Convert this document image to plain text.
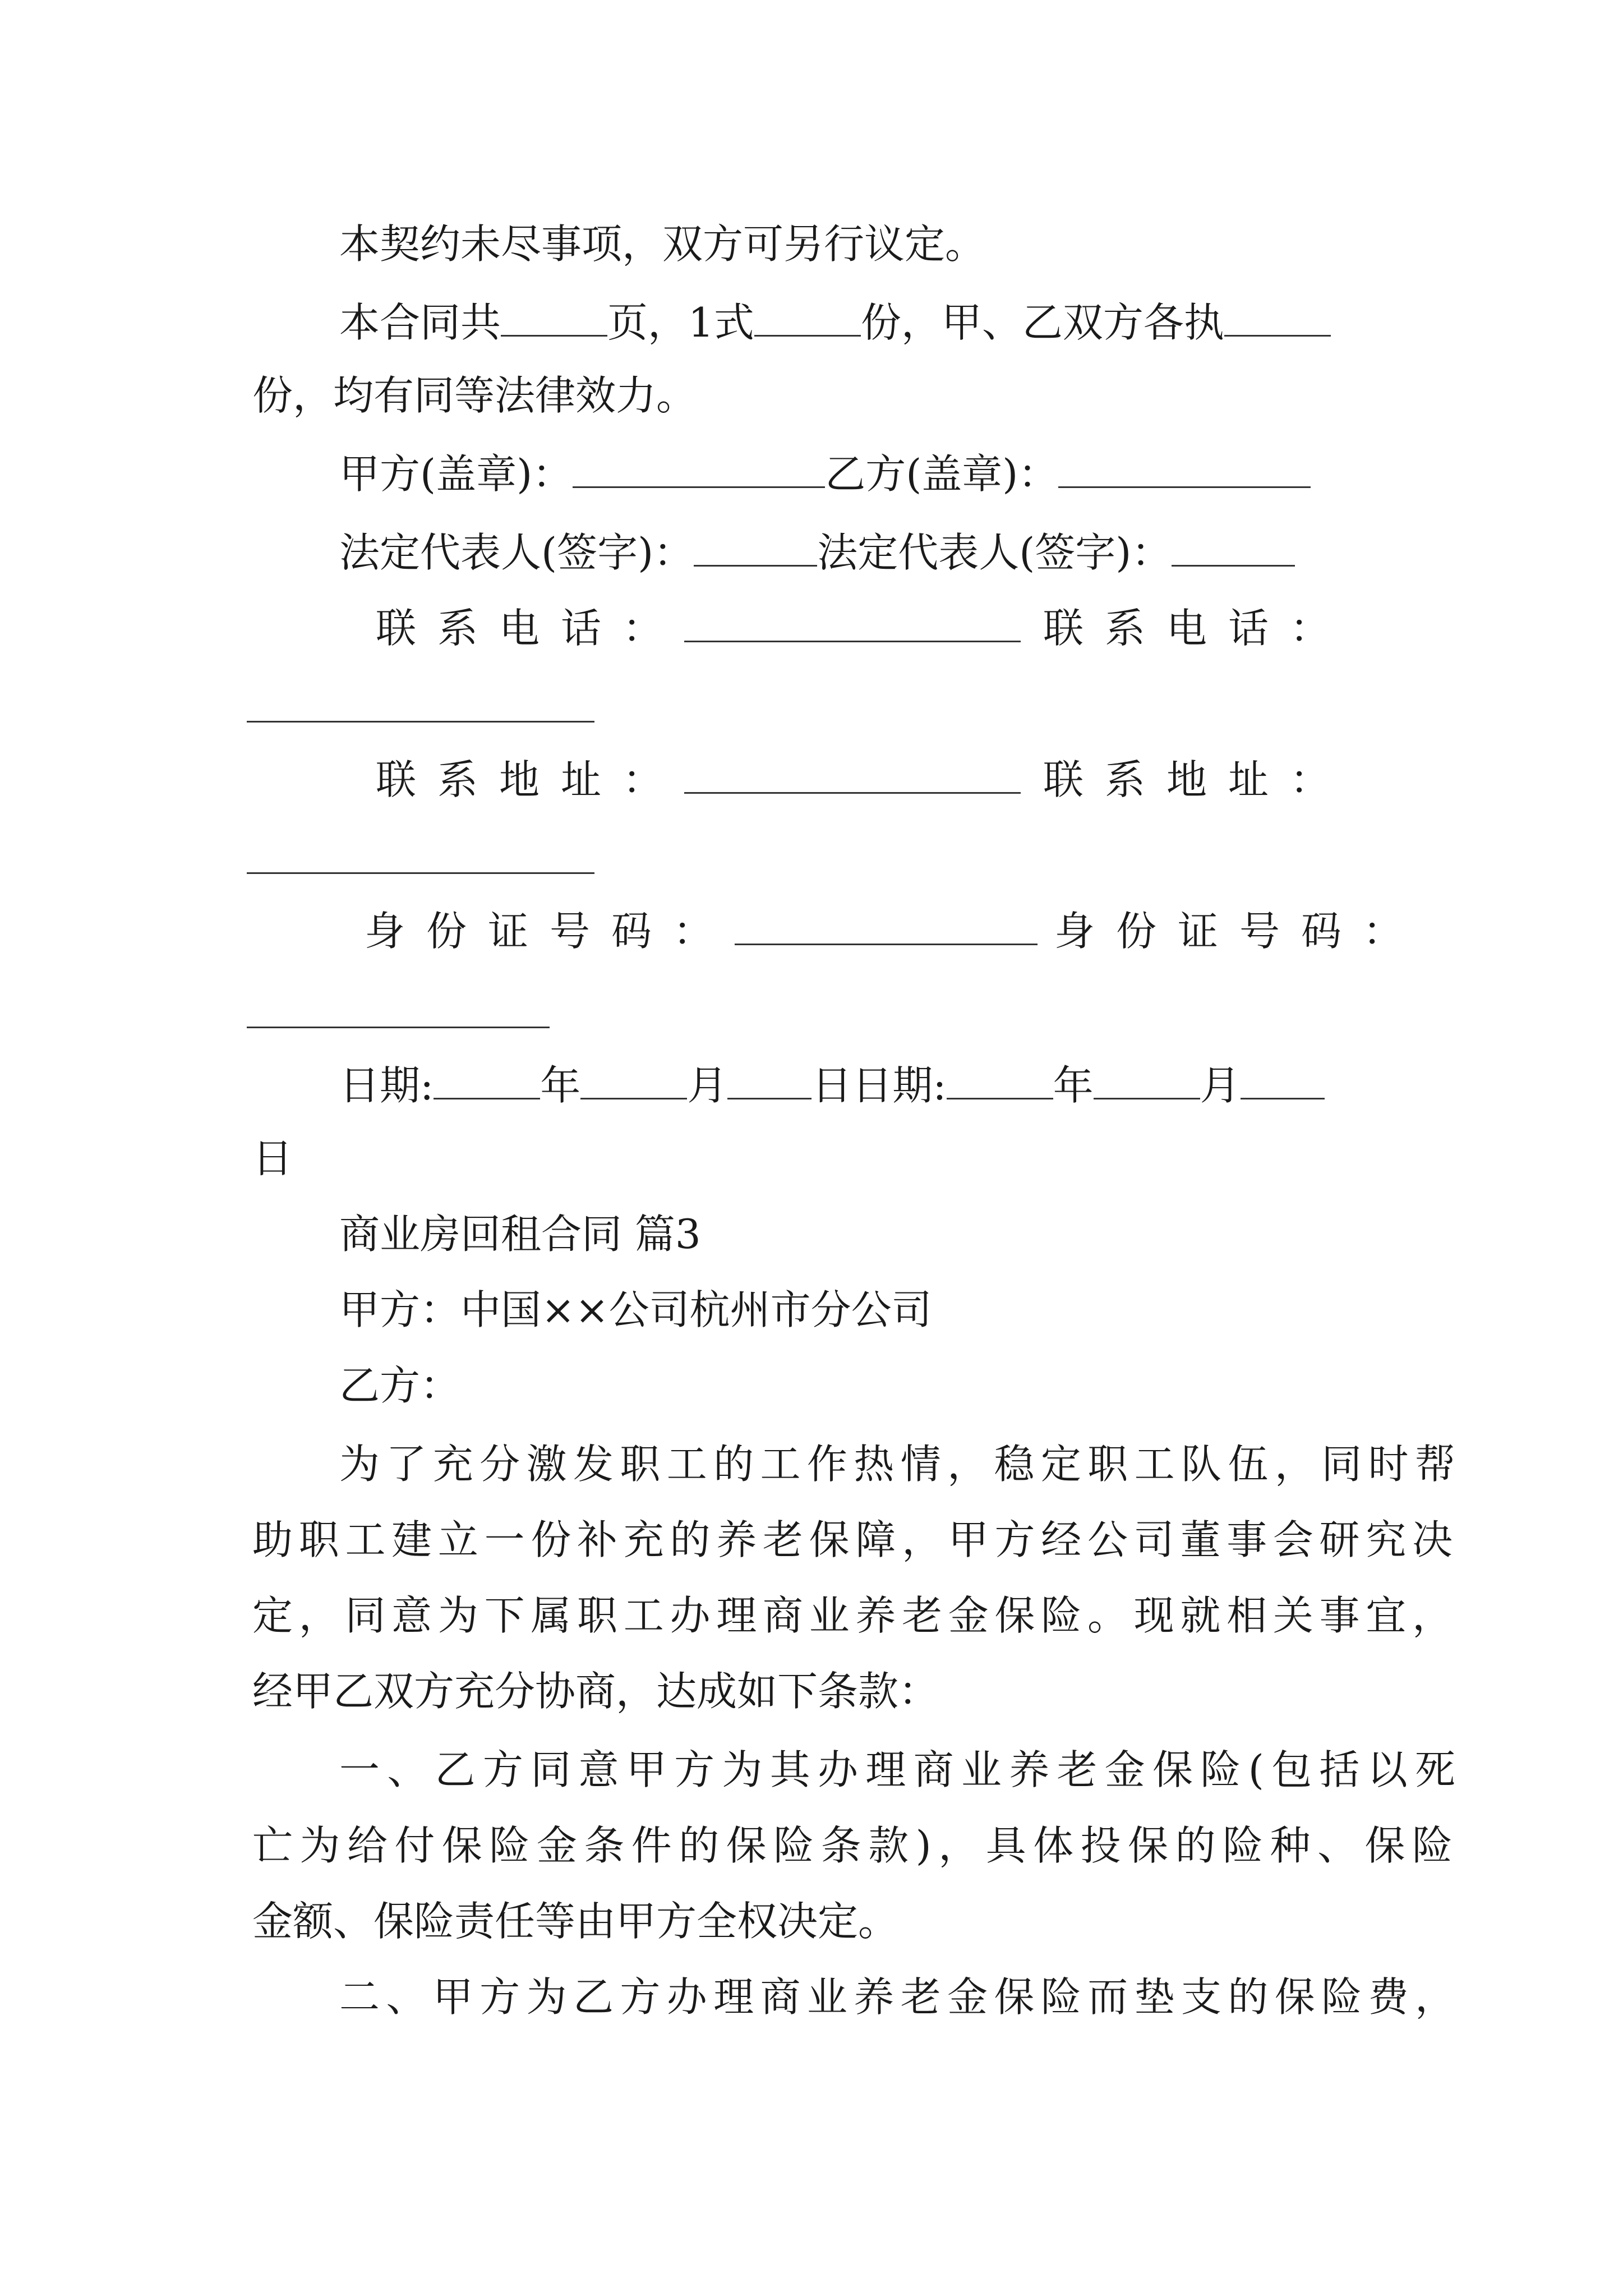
本契约未尽事项，双方可另行议定。

本合同共	页，1式	份，甲、乙双方各执

份，均有同等法律效力。

甲方(盖章)：	乙方(盖章)：

法定代表人(签字)：	法定代表人(签字)：

联系电话：	联系电话：

联系地址：	联系地址：

身份证号码：	身份证号码：

日期:	年	月 日日期:	年	月

日

商业房回租合同 篇3

甲方：中国××公司杭州市分公司

乙方：

为了充分激发职工的工作热情，稳定职工队伍，同时帮

助职工建立一份补充的养老保障，甲方经公司董事会研究决

定，同意为下属职工办理商业养老金保险。现就相关事宜，

经甲乙双方充分协商，达成如下条款：

一、乙方同意甲方为其办理商业养老金保险(包括以死

亡为给付保险金条件的保险条款)，具体投保的险种、保险

金额、保险责任等由甲方全权决定。

二、甲方为乙方办理商业养老金保险而垫支的保险费，
